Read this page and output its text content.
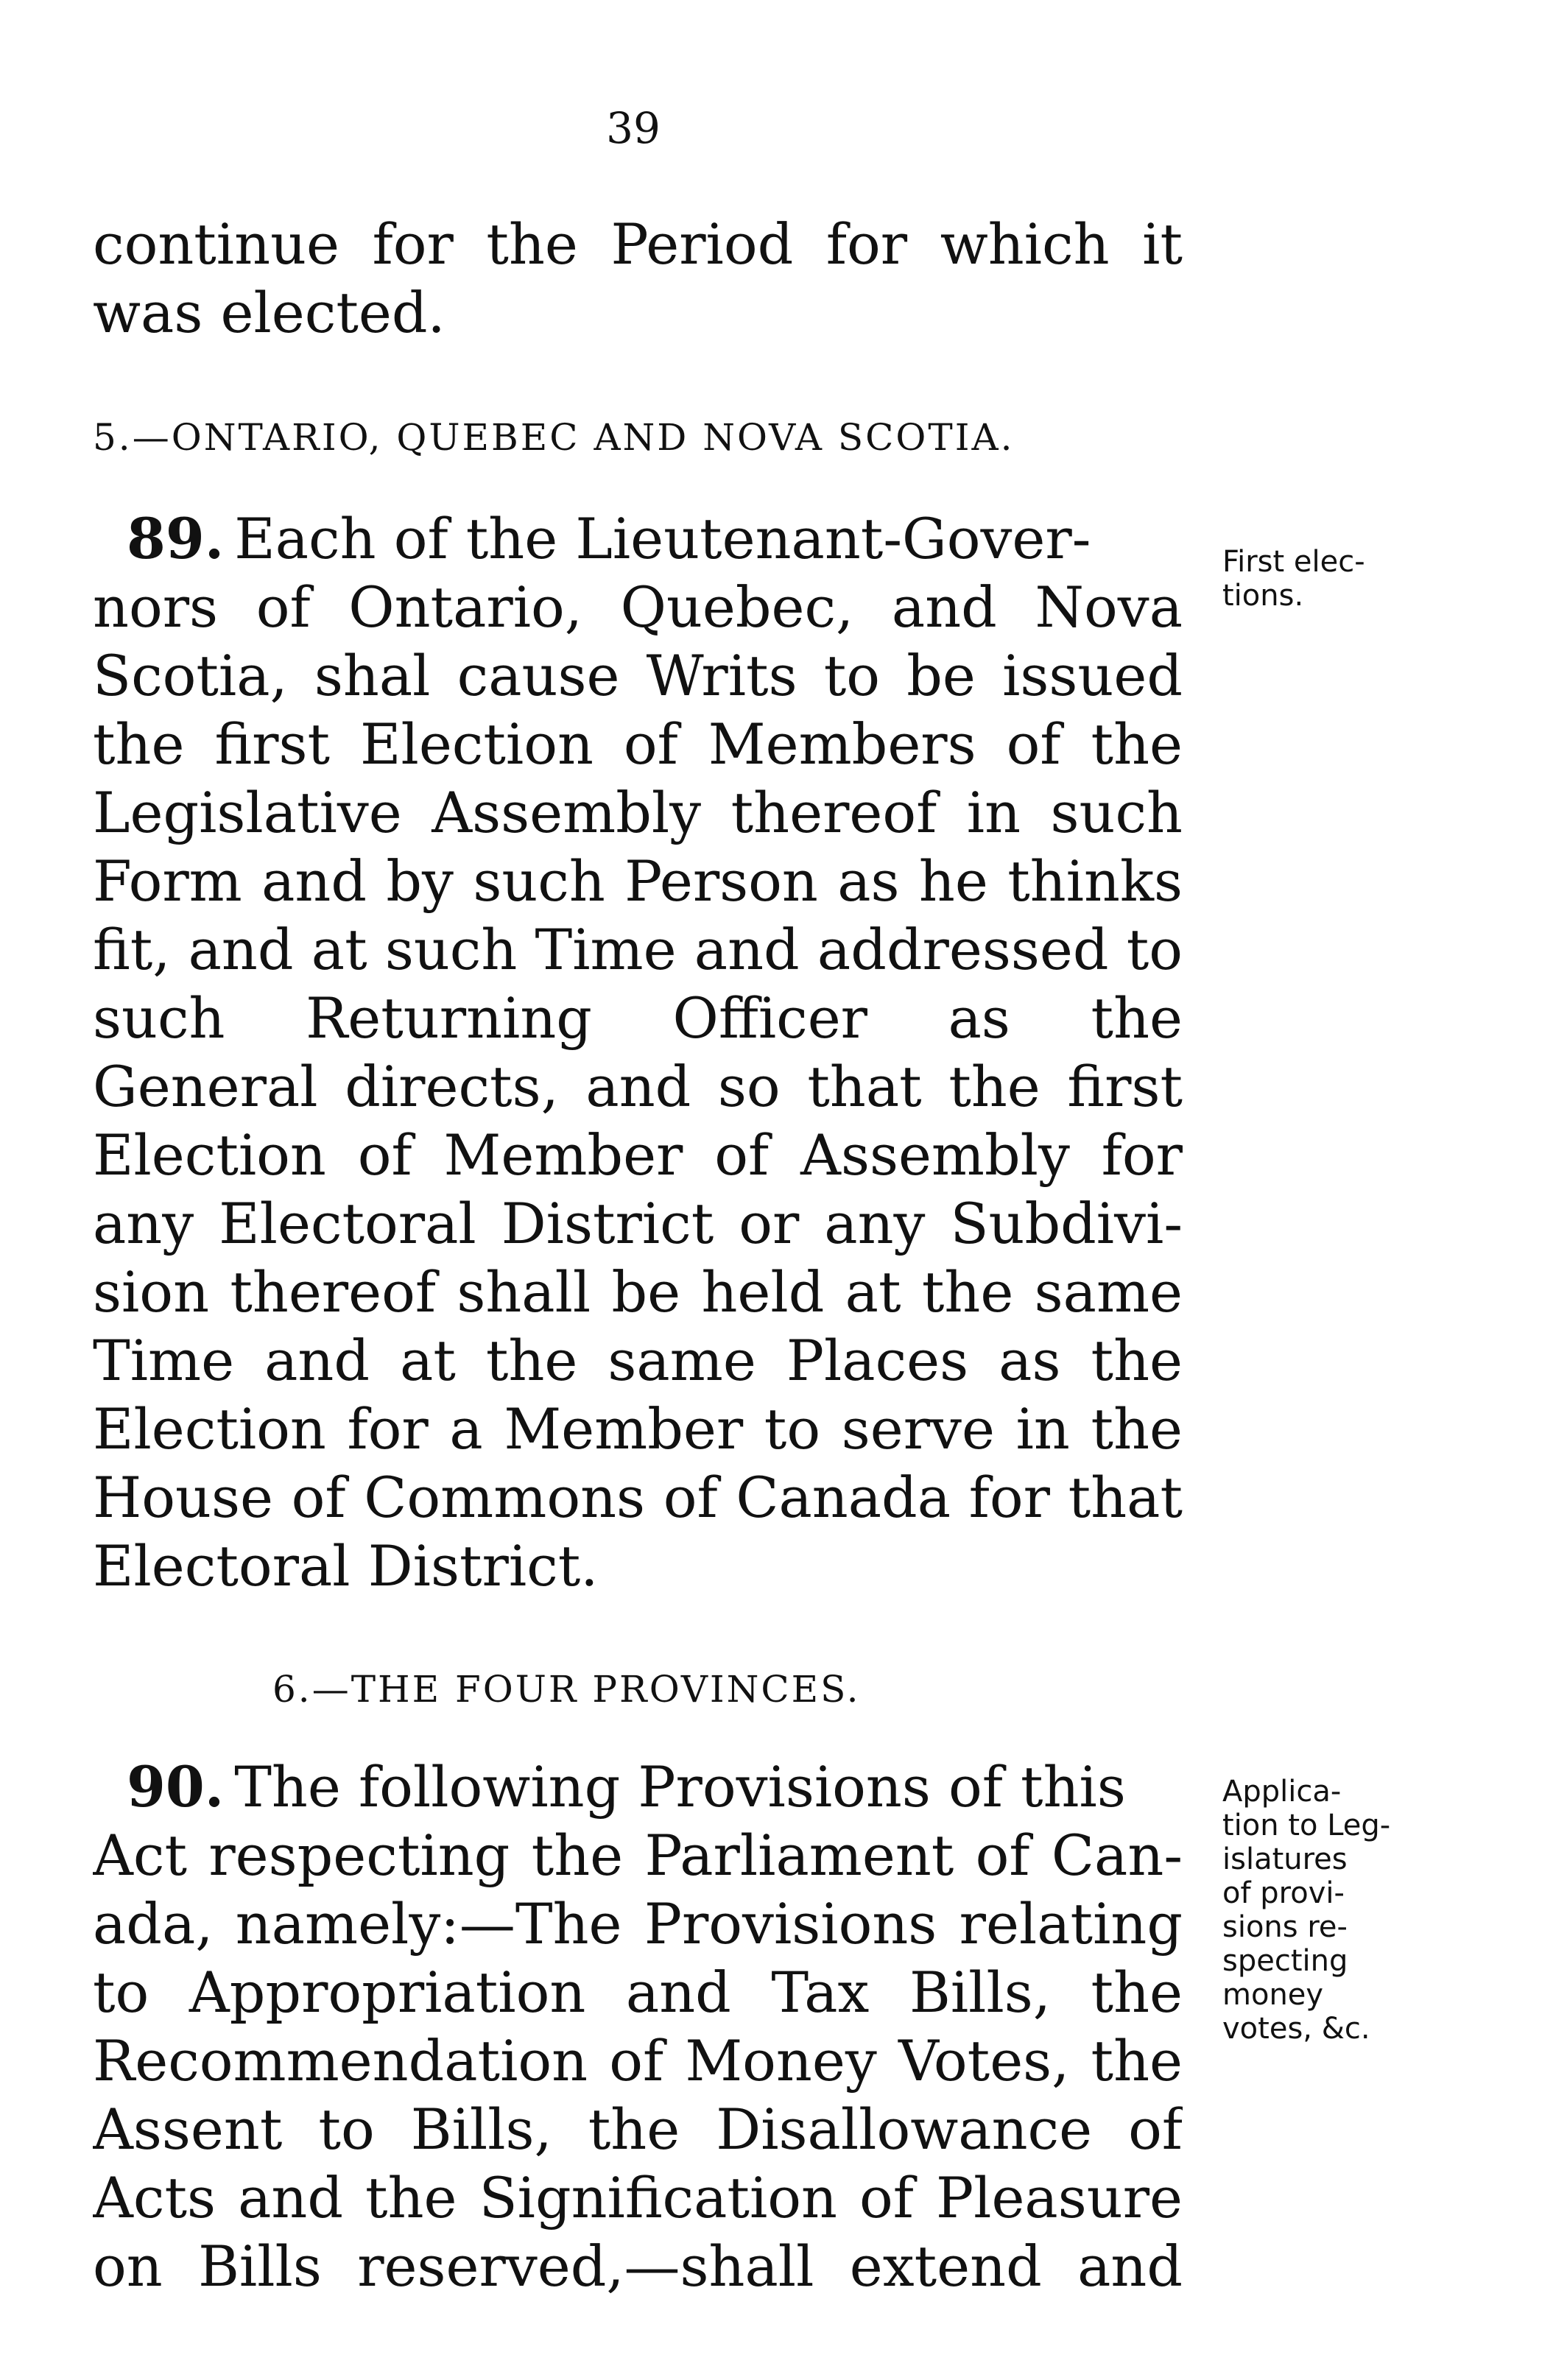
39
continue for the Period for which it
was elected.
5.—ONTARIO, QUEBEC AND NOVA SCOTIA.
89. Each of the Lieutenant-Gover-
nors of Ontario, Quebec, and Nova
Scotia, shal cause Writs to be issued
the first Election of Members of the
Legislative Assembly thereof in such
Form and by such Person as he thinks
fit, and at such Time and addressed to
such Returning Officer as the
General directs, and so that the first
Election of Member of Assembly for
any Electoral District or any Subdivi-
sion thereof shall be held at the same
Time and at the same Places as the
Election for a Member to serve in the
House of Commons of Canada for that
Electoral District.
First elec-
tions.
6.—THE FOUR PROVINCES.
90. The following Provisions of this
Act respecting the Parliament of Can-
ada, namely:—The Provisions relating
to Appropriation and Tax Bills, the
Recommendation of Money Votes, the
Assent to Bills, the Disallowance of
Acts and the Signification of Pleasure
on Bills reserved,—shall extend and
Applica-
tion to Leg-
islatures
of provi-
sions re-
specting
money
votes, &c.
